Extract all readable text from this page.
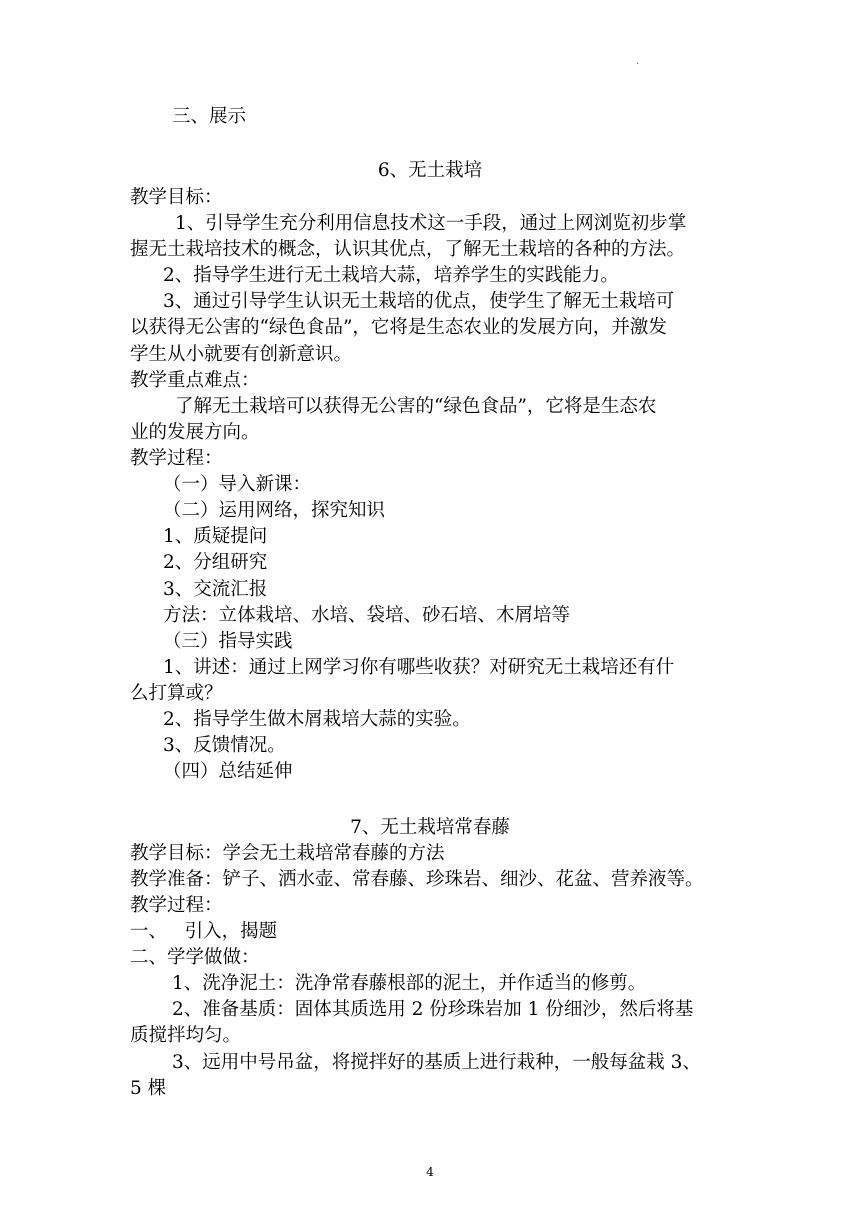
.
三、展示
6、无土栽培
教学目标：
1、引导学生充分利用信息技术这一手段，通过上网浏览初步掌
握无土栽培技术的概念，认识其优点，了解无土栽培的各种的方法。
2、指导学生进行无土栽培大蒜，培养学生的实践能力。
3、通过引导学生认识无土栽培的优点，使学生了解无土栽培可
以获得无公害的“绿色食品”，它将是生态农业的发展方向，并激发
学生从小就要有创新意识。
教学重点难点：
了解无土栽培可以获得无公害的“绿色食品”，它将是生态农
业的发展方向。
教学过程：
（一）导入新课：
（二）运用网络，探究知识
1、质疑提问
2、分组研究
3、交流汇报
方法：立体栽培、水培、袋培、砂石培、木屑培等
（三）指导实践
1、讲述：通过上网学习你有哪些收获？对研究无土栽培还有什
么打算或？
2、指导学生做木屑栽培大蒜的实验。
3、反馈情况。
（四）总结延伸
7、无土栽培常春藤
教学目标：学会无土栽培常春藤的方法
教学准备：铲子、洒水壶、常春藤、珍珠岩、细沙、花盆、营养液等。
教学过程：
一、   引入，揭题
二、学学做做：
1、洗净泥土：洗净常春藤根部的泥土，并作适当的修剪。
2、准备基质：固体其质选用 2 份珍珠岩加 1 份细沙，然后将基
质搅拌均匀。
3、远用中号吊盆，将搅拌好的基质上进行栽种，一般每盆栽 3、
5 棵
4
